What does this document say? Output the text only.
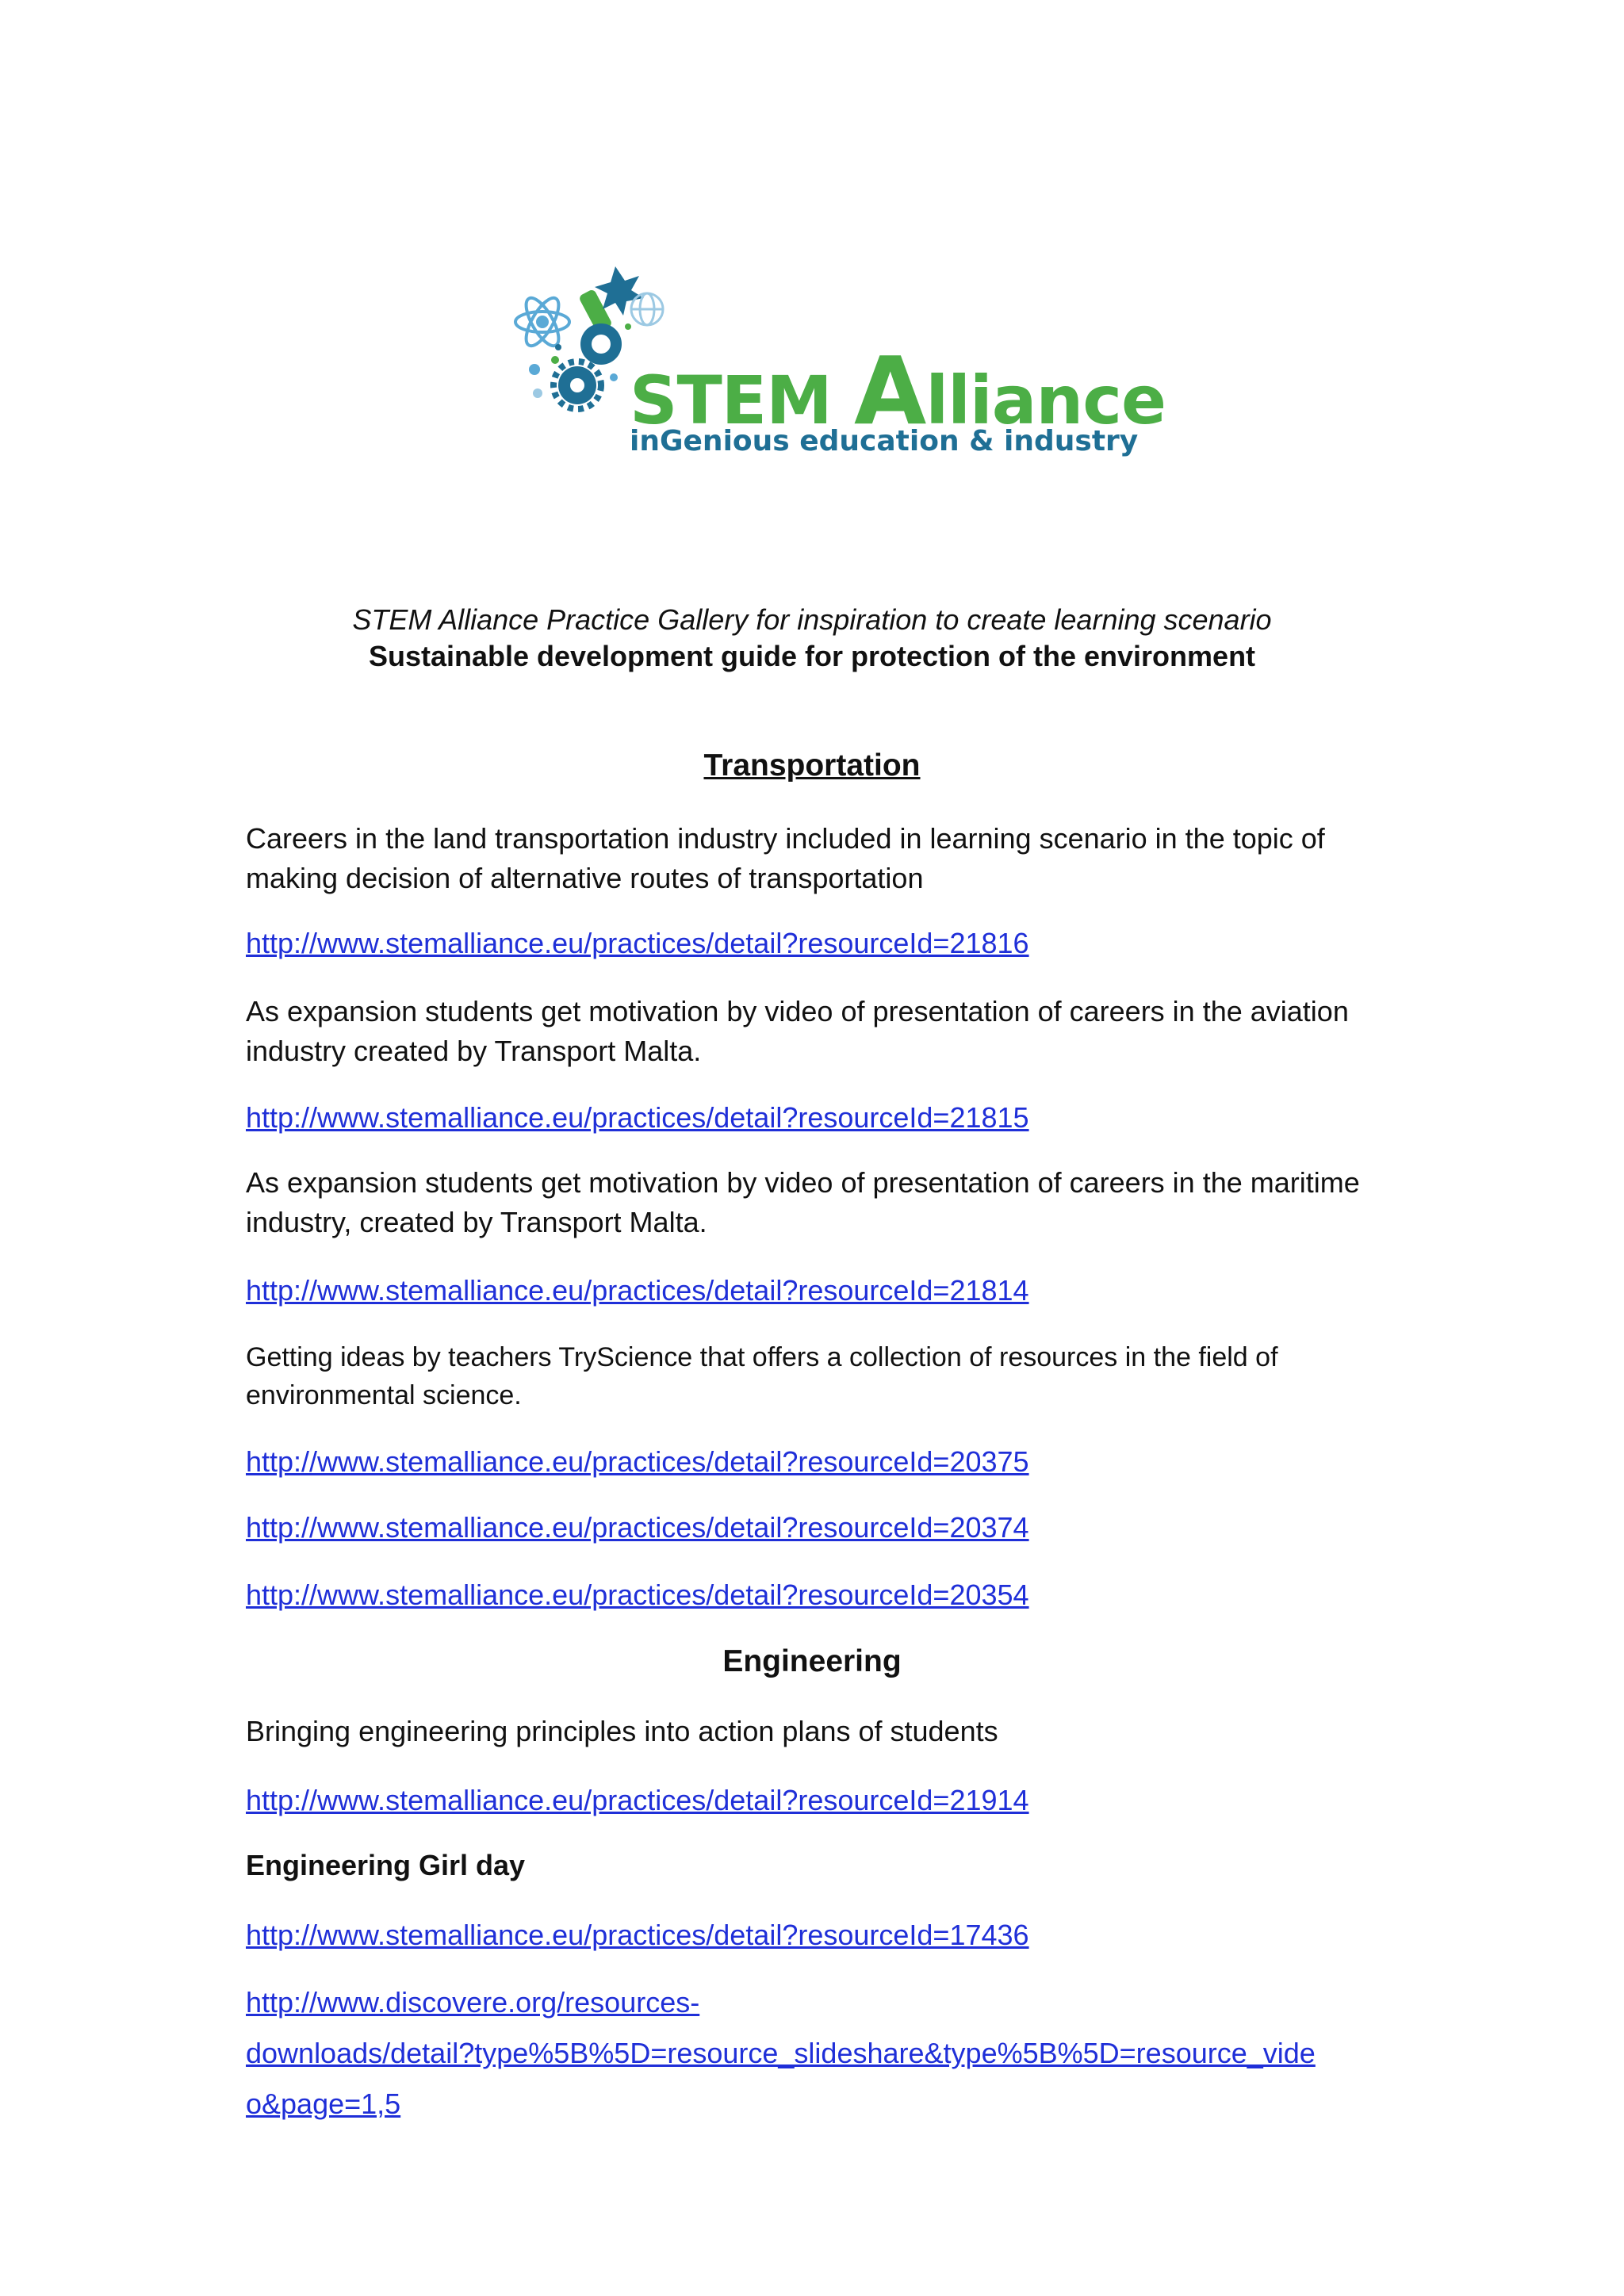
STEM Alliance
inGenious education & industry
STEM Alliance Practice Gallery for inspiration to create learning scenario
Sustainable development guide for protection of the environment
Transportation

Careers in the land transportation industry included in learning scenario in the topic of making decision of alternative routes of transportation

http://www.stemalliance.eu/practices/detail?resourceId=21816

As expansion students get motivation by video of presentation of careers in the aviation industry created by Transport Malta.

http://www.stemalliance.eu/practices/detail?resourceId=21815

As expansion students get motivation by video of presentation of careers in the maritime industry, created by Transport Malta.

http://www.stemalliance.eu/practices/detail?resourceId=21814

Getting ideas by teachers TryScience that offers a collection of resources in the field of environmental science.

http://www.stemalliance.eu/practices/detail?resourceId=20375
http://www.stemalliance.eu/practices/detail?resourceId=20374
http://www.stemalliance.eu/practices/detail?resourceId=20354
Engineering

Bringing engineering principles into action plans of students

http://www.stemalliance.eu/practices/detail?resourceId=21914
Engineering Girl day
http://www.stemalliance.eu/practices/detail?resourceId=17436
http://www.discovere.org/resources-
downloads/detail?type%5B%5D=resource_slideshare&type%5B%5D=resource_vide
o&page=1,5
